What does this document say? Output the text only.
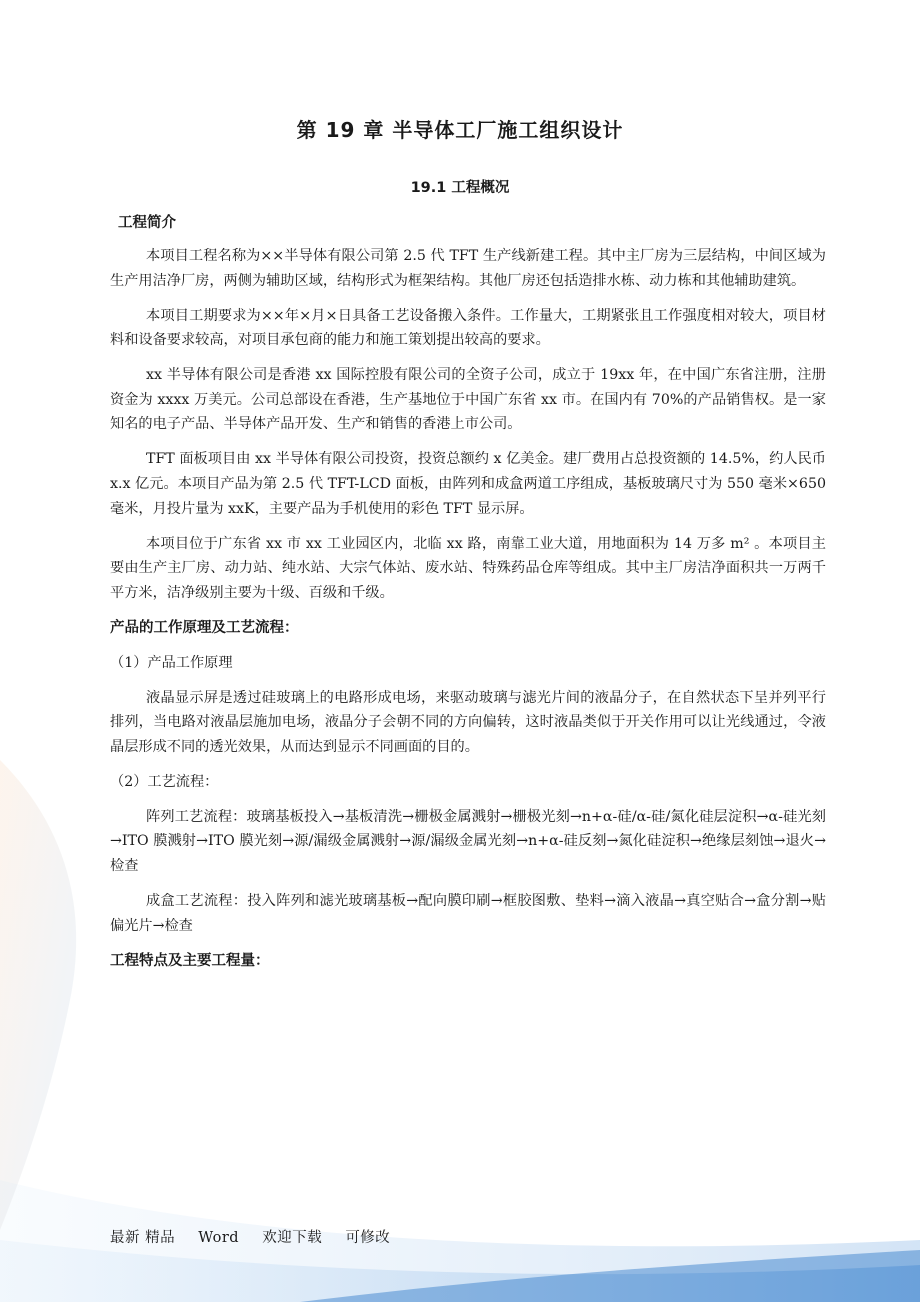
第 19 章 半导体工厂施工组织设计
19.1 工程概况
工程简介

本项目工程名称为××半导体有限公司第 2.5 代 TFT 生产线新建工程。其中主厂房为三层结构，中间区域为生产用洁净厂房，两侧为辅助区域，结构形式为框架结构。其他厂房还包括造排水栋、动力栋和其他辅助建筑。

本项目工期要求为××年×月×日具备工艺设备搬入条件。工作量大，工期紧张且工作强度相对较大，项目材料和设备要求较高，对项目承包商的能力和施工策划提出较高的要求。

xx 半导体有限公司是香港 xx 国际控股有限公司的全资子公司，成立于 19xx 年，在中国广东省注册，注册资金为 xxxx 万美元。公司总部设在香港，生产基地位于中国广东省 xx 市。在国内有 70%的产品销售权。是一家知名的电子产品、半导体产品开发、生产和销售的香港上市公司。

TFT 面板项目由 xx 半导体有限公司投资，投资总额约 x 亿美金。建厂费用占总投资额的 14.5%，约人民币 x.x 亿元。本项目产品为第 2.5 代 TFT-LCD 面板，由阵列和成盒两道工序组成，基板玻璃尺寸为 550 毫米×650 毫米，月投片量为 xxK，主要产品为手机使用的彩色 TFT 显示屏。

本项目位于广东省 xx 市 xx 工业园区内，北临 xx 路，南靠工业大道，用地面积为 14 万多 m² 。本项目主要由生产主厂房、动力站、纯水站、大宗气体站、废水站、特殊药品仓库等组成。其中主厂房洁净面积共一万两千平方米，洁净级别主要为十级、百级和千级。

产品的工作原理及工艺流程：

（1）产品工作原理

液晶显示屏是透过硅玻璃上的电路形成电场，来驱动玻璃与滤光片间的液晶分子，在自然状态下呈并列平行排列，当电路对液晶层施加电场，液晶分子会朝不同的方向偏转，这时液晶类似于开关作用可以让光线通过，令液晶层形成不同的透光效果，从而达到显示不同画面的目的。

（2）工艺流程：

阵列工艺流程：玻璃基板投入→基板清洗→栅极金属溅射→栅极光刻→n+α-硅/α-硅/氮化硅层淀积→α-硅光刻→ITO 膜溅射→ITO 膜光刻→源/漏级金属溅射→源/漏级金属光刻→n+α-硅反刻→氮化硅淀积→绝缘层刻蚀→退火→检查

成盒工艺流程：投入阵列和滤光玻璃基板→配向膜印刷→框胶图敷、垫料→滴入液晶→真空贴合→盒分割→贴偏光片→检查

工程特点及主要工程量：

最新 精品 Word 欢迎下载 可修改
